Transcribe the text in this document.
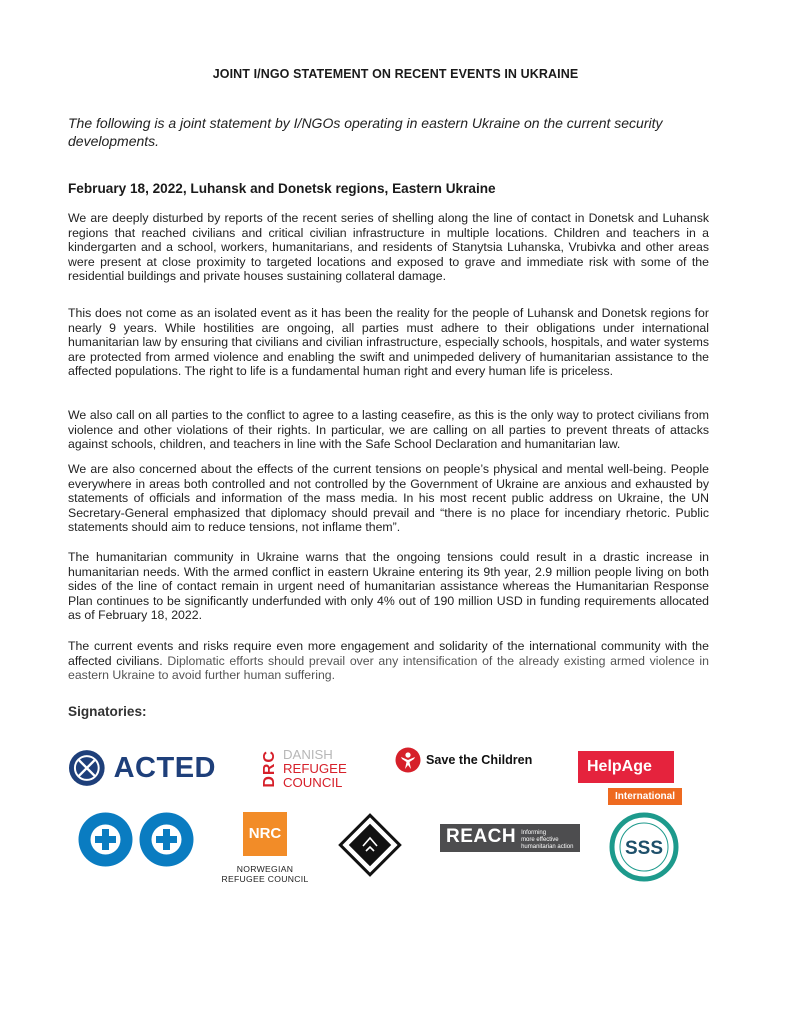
JOINT I/NGO STATEMENT ON RECENT EVENTS IN UKRAINE
The following is a joint statement by I/NGOs operating in eastern Ukraine on the current security developments.
February 18, 2022, Luhansk and Donetsk regions, Eastern Ukraine
We are deeply disturbed by reports of the recent series of shelling along the line of contact in Donetsk and Luhansk regions that reached civilians and critical civilian infrastructure in multiple locations. Children and teachers in a kindergarten and a school, workers, humanitarians, and residents of Stanytsia Luhanska, Vrubivka and other areas were present at close proximity to targeted locations and exposed to grave and immediate risk with some of the residential buildings and private houses sustaining collateral damage.
This does not come as an isolated event as it has been the reality for the people of Luhansk and Donetsk regions for nearly 9 years. While hostilities are ongoing, all parties must adhere to their obligations under international humanitarian law by ensuring that civilians and civilian infrastructure, especially schools, hospitals, and water systems are protected from armed violence and enabling the swift and unimpeded delivery of humanitarian assistance to the affected populations. The right to life is a fundamental human right and every human life is priceless.
We also call on all parties to the conflict to agree to a lasting ceasefire, as this is the only way to protect civilians from violence and other violations of their rights. In particular, we are calling on all parties to prevent threats of attacks against schools, children, and teachers in line with the Safe School Declaration and humanitarian law.
We are also concerned about the effects of the current tensions on people’s physical and mental well-being. People everywhere in areas both controlled and not controlled by the Government of Ukraine are anxious and exhausted by statements of officials and information of the mass media. In his most recent public address on Ukraine, the UN Secretary-General emphasized that diplomacy should prevail and “there is no place for incendiary rhetoric. Public statements should aim to reduce tensions, not inflame them”.
The humanitarian community in Ukraine warns that the ongoing tensions could result in a drastic increase in humanitarian needs. With the armed conflict in eastern Ukraine entering its 9th year, 2.9 million people living on both sides of the line of contact remain in urgent need of humanitarian assistance whereas the Humanitarian Response Plan continues to be significantly underfunded with only 4% out of 190 million USD in funding requirements allocated as of February 18, 2022.
The current events and risks require even more engagement and solidarity of the international community with the affected civilians. Diplomatic efforts should prevail over any intensification of the already existing armed violence in eastern Ukraine to avoid further human suffering.
Signatories:
ACTED	DRC DANISH
REFUGEE
COUNCIL
Save the Children	HelpAge
International
NRC
NORWEGIAN
REFUGEE COUNCIL
REACH Informing
more effective
humanitarian action	SSS
